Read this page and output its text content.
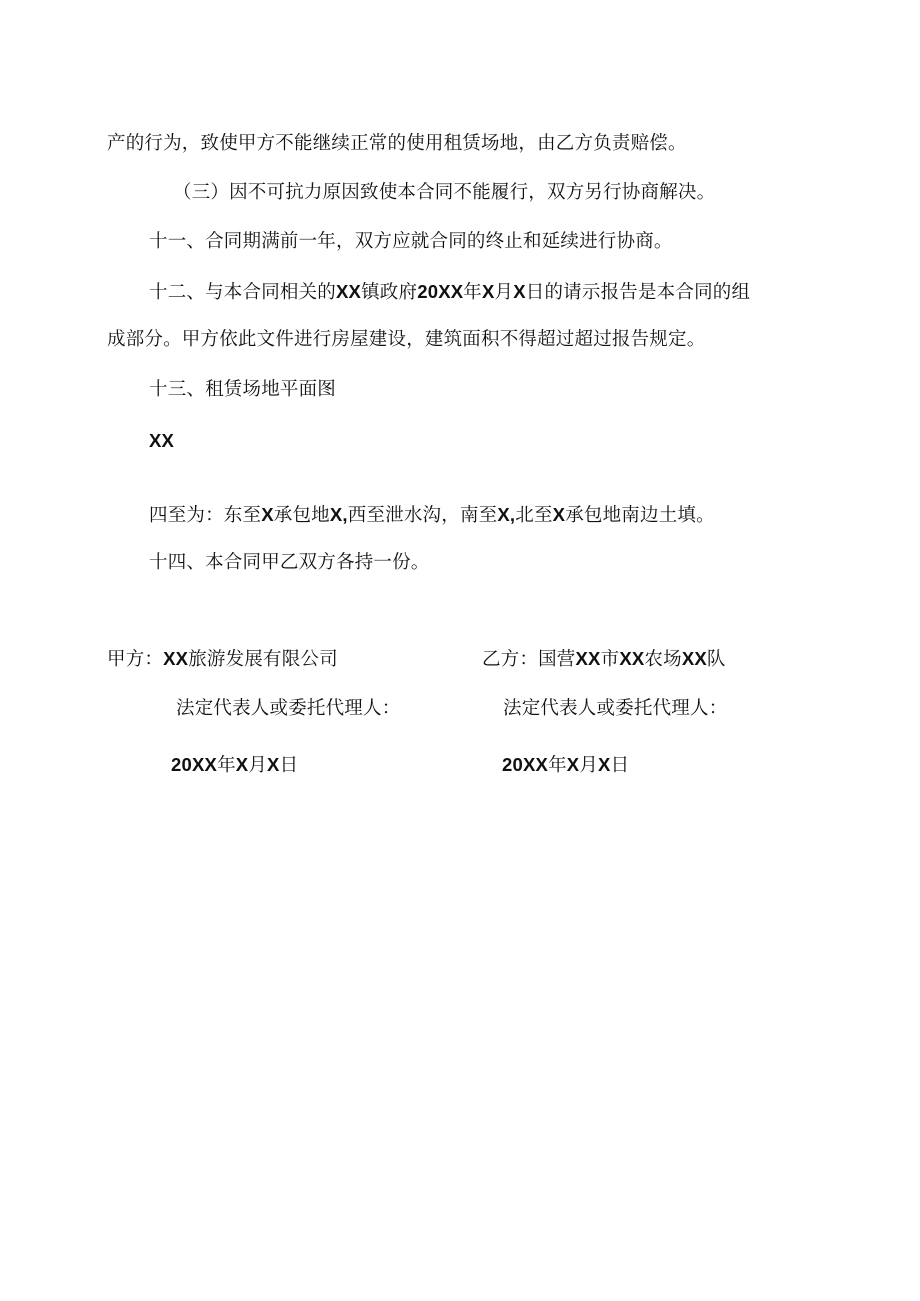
产的行为，致使甲方不能继续正常的使用租赁场地，由乙方负责赔偿。
（三）因不可抗力原因致使本合同不能履行，双方另行协商解决。
十一、合同期满前一年，双方应就合同的终止和延续进行协商。
十二、与本合同相关的XX镇政府20XX年X月X日的请示报告是本合同的组
成部分。甲方依此文件进行房屋建设，建筑面积不得超过超过报告规定。
十三、租赁场地平面图
XX
四至为：东至X承包地X,西至泄水沟，南至X,北至X承包地南边土填。
十四、本合同甲乙双方各持一份。
甲方：XX旅游发展有限公司
法定代表人或委托代理人：
20XX年X月X日
乙方：国营XX市XX农场XX队
法定代表人或委托代理人：
20XX年X月X日
